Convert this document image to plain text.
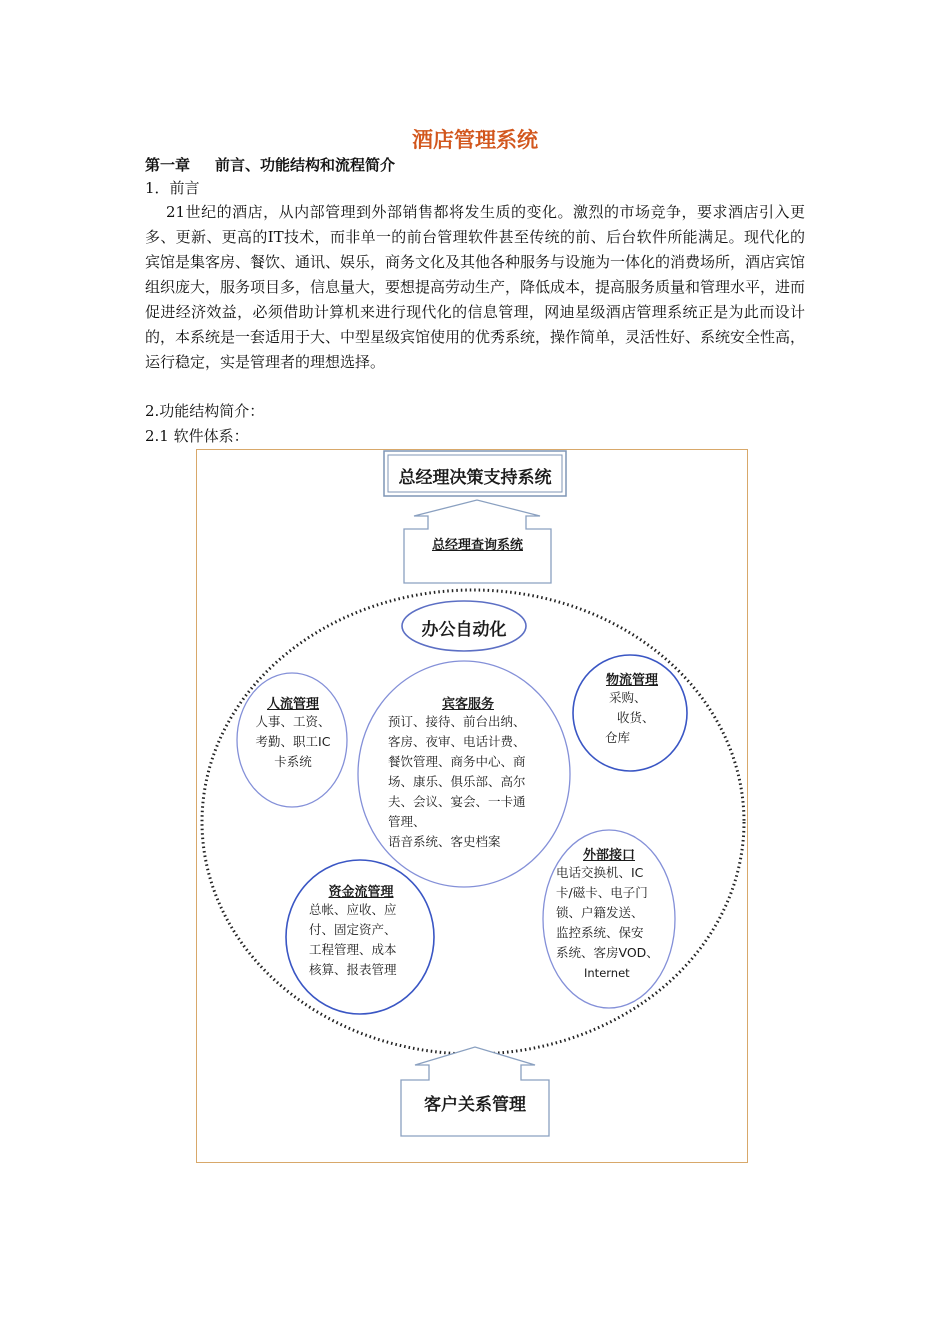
酒店管理系统
第一章 前言、功能结构和流程简介
1．前言

21世纪的酒店，从内部管理到外部销售都将发生质的变化。激烈的市场竞争，要求酒店引入更多、更新、更高的IT技术，而非单一的前台管理软件甚至传统的前、后台软件所能满足。现代化的宾馆是集客房、餐饮、通讯、娱乐，商务文化及其他各种服务与设施为一体化的消费场所，酒店宾馆组织庞大，服务项目多，信息量大，要想提高劳动生产，降低成本，提高服务质量和管理水平，进而促进经济效益，必须借助计算机来进行现代化的信息管理，网迪星级酒店管理系统正是为此而设计的，本系统是一套适用于大、中型星级宾馆使用的优秀系统，操作简单，灵活性好、系统安全性高，运行稳定，实是管理者的理想选择。

2.功能结构简介：
2.1 软件体系：
总经理决策支持系统
总经理查询系统
办公自动化
客户关系管理
人流管理
人事、工资、
考勤、职工IC
卡系统
宾客服务
预订、接待、前台出纳、
客房、夜审、电话计费、
餐饮管理、商务中心、商
场、康乐、俱乐部、高尔
夫、会议、宴会、一卡通
管理、
语音系统、客史档案
物流管理
采购、
收货、
仓库
资金流管理
总帐、应收、应
付、固定资产、
工程管理、成本
核算、报表管理
外部接口
电话交换机、IC
卡/磁卡、电子门
锁、户籍发送、
监控系统、保安
系统、客房VOD、
Internet
